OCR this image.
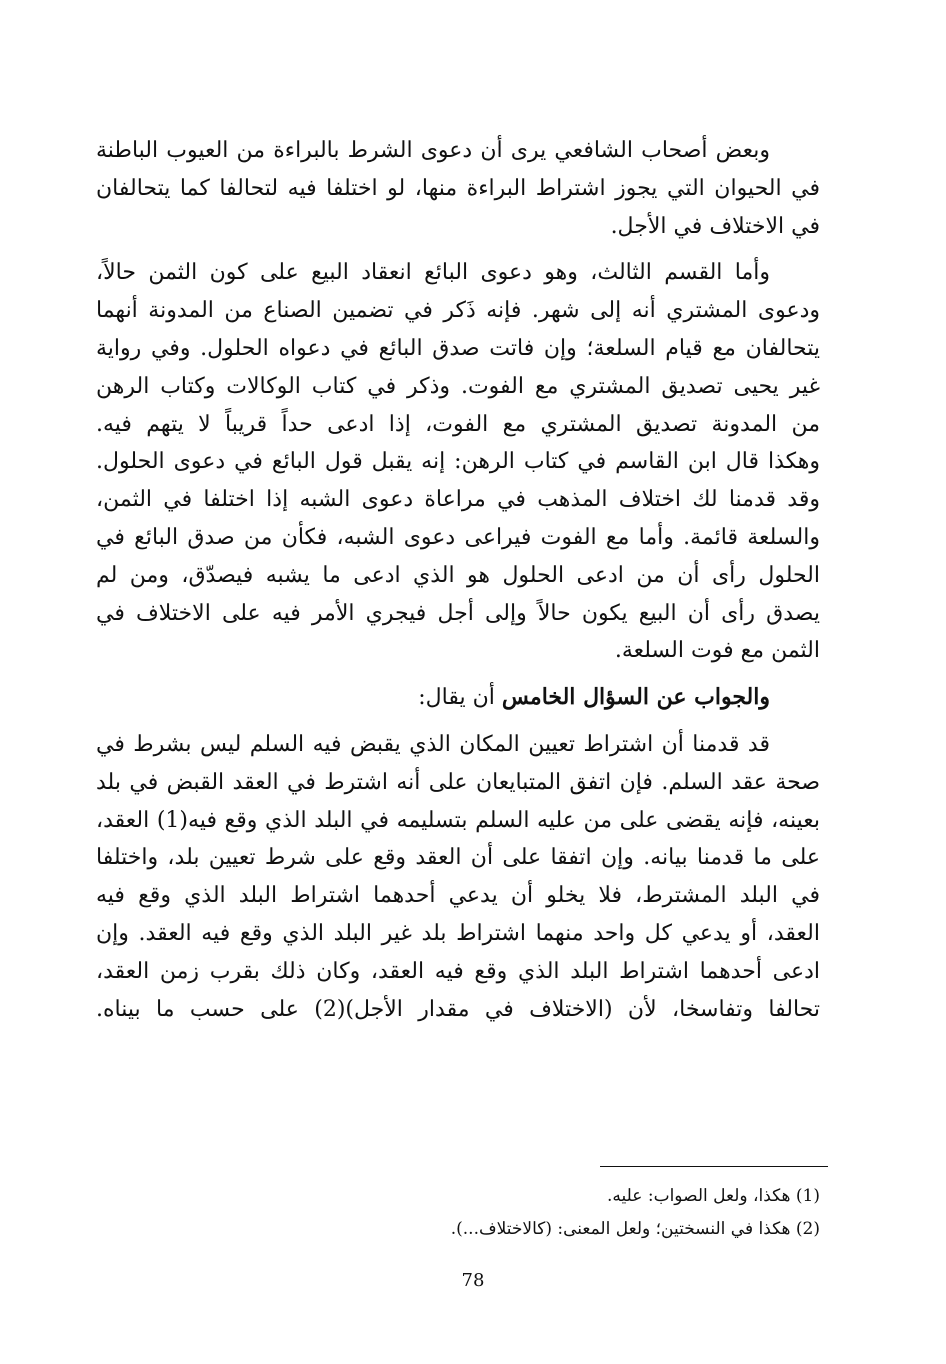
وبعض أصحاب الشافعي يرى أن دعوى الشرط بالبراءة من العيوب الباطنة
في الحيوان التي يجوز اشتراط البراءة منها، لو اختلفا فيه لتحالفا كما يتحالفان
في الاختلاف في الأجل.
وأما القسم الثالث، وهو دعوى البائع انعقاد البيع على كون الثمن حالاً،
ودعوى المشتري أنه إلى شهر. فإنه ذَكر في تضمين الصناع من المدونة أنهما
يتحالفان مع قيام السلعة؛ وإن فاتت صدق البائع في دعواه الحلول. وفي رواية
غير يحيى تصديق المشتري مع الفوت. وذكر في كتاب الوكالات وكتاب الرهن
من المدونة تصديق المشتري مع الفوت، إذا ادعى حداً قريباً لا يتهم فيه.
وهكذا قال ابن القاسم في كتاب الرهن: إنه يقبل قول البائع في دعوى الحلول.
وقد قدمنا لك اختلاف المذهب في مراعاة دعوى الشبه إذا اختلفا في الثمن،
والسلعة قائمة. وأما مع الفوت فيراعى دعوى الشبه، فكأن من صدق البائع في
الحلول رأى أن من ادعى الحلول هو الذي ادعى ما يشبه فيصدّق، ومن لم
يصدق رأى أن البيع يكون حالاً وإلى أجل فيجري الأمر فيه على الاختلاف في
الثمن مع فوت السلعة.
والجواب عن السؤال الخامس أن يقال:
قد قدمنا أن اشتراط تعيين المكان الذي يقبض فيه السلم ليس بشرط في
صحة عقد السلم. فإن اتفق المتبايعان على أنه اشترط في العقد القبض في بلد
بعينه، فإنه يقضى على من عليه السلم بتسليمه في البلد الذي وقع فيه(1) العقد،
على ما قدمنا بيانه. وإن اتفقا على أن العقد وقع على شرط تعيين بلد، واختلفا
في البلد المشترط، فلا يخلو أن يدعي أحدهما اشتراط البلد الذي وقع فيه
العقد، أو يدعي كل واحد منهما اشتراط بلد غير البلد الذي وقع فيه العقد. وإن
ادعى أحدهما اشتراط البلد الذي وقع فيه العقد، وكان ذلك بقرب زمن العقد،
تحالفا وتفاسخا، لأن (الاختلاف في مقدار الأجل)(2) على حسب ما بيناه.
(1) هكذا، ولعل الصواب: عليه.
(2) هكذا في النسختين؛ ولعل المعنى: (كالاختلاف...).
78
